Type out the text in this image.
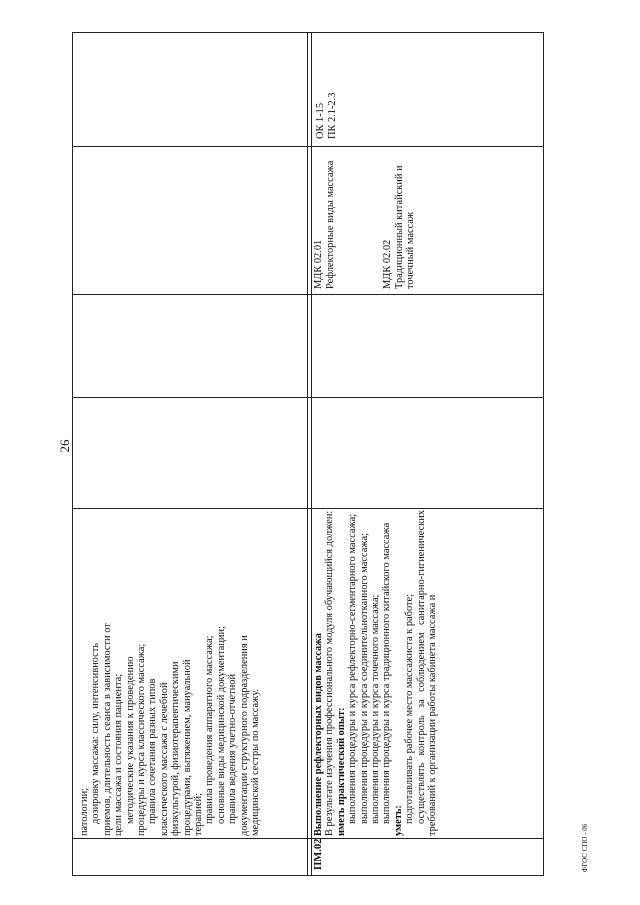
26
ФГОС СПО - 06
патологии; дозировку массажа: силу, интенсивность приемов, длительность сеанса в зависимости от цели массажа и состояния пациента; методические указания к проведению процедуры и курса классического массажа; правила сочетания разных типов классического массажа с лечебной физкультурой, физиотерапевтическими процедурами, вытяжением, мануальной терапией; правила проведения аппаратного массажа; основные виды медицинской документации; правила ведения учетно-отчетной документации структурного подразделения и медицинской сестры по массажу.
ПМ.02
Выполнение рефлекторных видов массажа В результате изучения профессионального модуля обучающийся должен: иметь практический опыт: выполнения процедуры и курса рефлекторно-сегментарного массажа; выполнения процедуры и курса соединительнотканного массажа; выполнения процедуры и курса точечного массажа; выполнения процедуры и курса традиционного китайского массажа уметь: подготавливать рабочее место массажиста к работе; осуществлять контроль за соблюдением санитарно-гигиенических требований к организации работы кабинета массажа и
МДК 02.01 Рефлекторные виды массажа	МДК 02.02 Традиционный китайский и точечный массаж
ОК 1-15 ПК 2.1-2.3
